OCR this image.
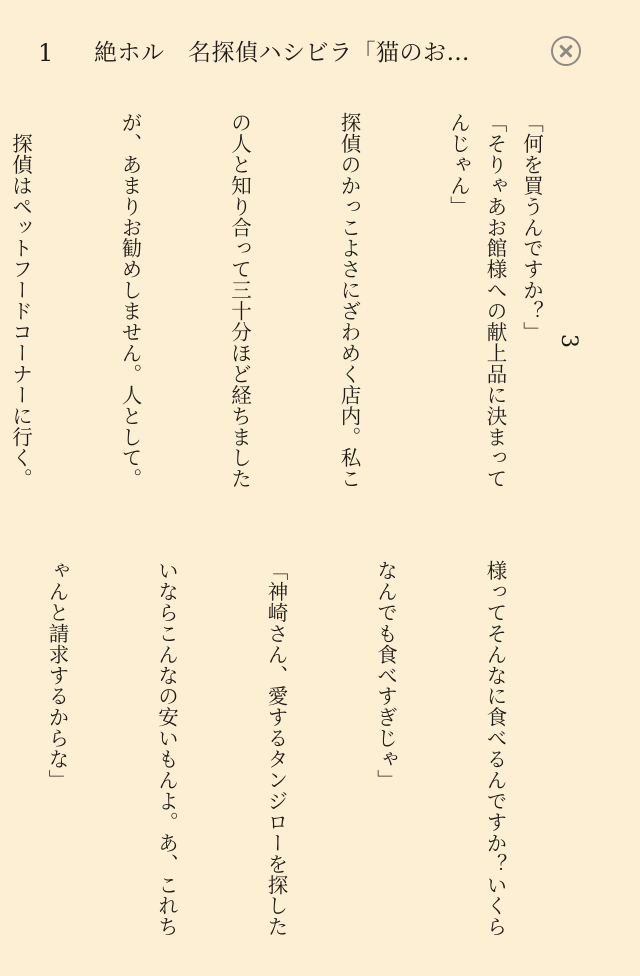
1 絶ホル　名探偵ハシビラ「猫のお…
3
「何を買うんですか？」
「そりゃあお館様への献上品に決まって
んじゃん」

探偵のかっこよさにざわめく店内。私こ

の人と知り合って三十分ほど経ちました

が、あまりお勧めしません。人として。

　探偵はペットフードコーナーに行く。

様ってそんなに食べるんですか？いくら

なんでも食べすぎじゃ」

「神崎さん、愛するタンジローを探した

いならこんなの安いもんよ。あ、これち

ゃんと請求するからな」
